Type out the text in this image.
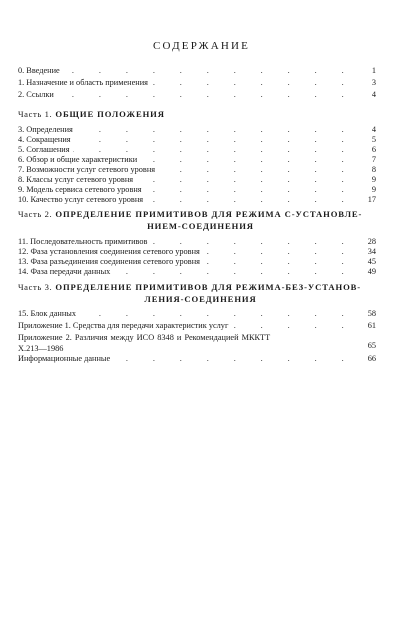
СОДЕРЖАНИЕ
.
0. Введение	1
.
1. Назначение и область применения	3
.
2. Ссылки	4
Часть 1. ОБЩИЕ ПОЛОЖЕНИЯ
.
3. Определения	4
.
4. Сокращения	5
.
5. Соглашения	6
.
6. Обзор и общие характеристики	7
.
7. Возможности услуг сетевого уровня	8
.
8. Классы услуг сетевого уровня	9
.
9. Модель сервиса сетевого уровня	9
.
10. Качество услуг сетевого уровня	17
Часть 2. ОПРЕДЕЛЕНИЕ ПРИМИТИВОВ ДЛЯ РЕЖИМА С-УСТАНОВЛЕ-
НИЕМ-СОЕДИНЕНИЯ
.
11. Последовательность примитивов	28
.
12. Фаза установления соединения сетевого уровня	34
.
13. Фаза разъединения соединения сетевого уровня	45
.
14. Фаза передачи данных	49
Часть 3. ОПРЕДЕЛЕНИЕ ПРИМИТИВОВ ДЛЯ РЕЖИМА-БЕЗ-УСТАНОВ-
ЛЕНИЯ-СОЕДИНЕНИЯ
.
15. Блок данных	58
.
Приложение 1. Средства для передачи характеристик услуг	61
Приложение 2. Различия между ИСО 8348 и Рекомендацией МККТТ
X.213—1986	65
.
Информационные данные	66
